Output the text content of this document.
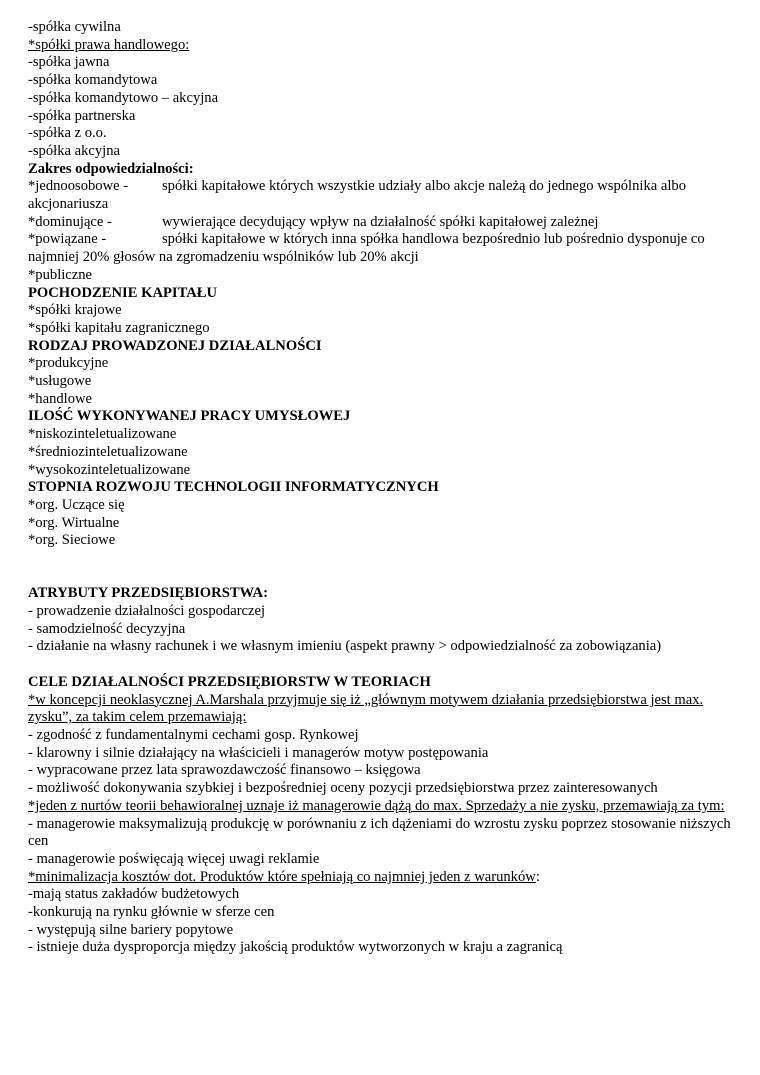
-spółka cywilna
*spółki prawa handlowego:
-spółka jawna
-spółka komandytowa
-spółka komandytowo – akcyjna
-spółka partnerska
-spółka z o.o.
-spółka akcyjna
Zakres odpowiedzialności:
*jednoosobowe - spółki kapitałowe których wszystkie udziały albo akcje należą do jednego wspólnika albo
akcjonariusza
*dominujące -	wywierające decydujący wpływ na działalność spółki kapitałowej zależnej
*powiązane -	spółki kapitałowe w których inna spółka handlowa bezpośrednio lub pośrednio dysponuje co
najmniej 20% głosów na zgromadzeniu wspólników lub 20% akcji
*publiczne
POCHODZENIE KAPITAŁU
*spółki krajowe
*spółki kapitału zagranicznego
RODZAJ PROWADZONEJ DZIAŁALNOŚCI
*produkcyjne
*usługowe
*handlowe
ILOŚĆ WYKONYWANEJ PRACY UMYSŁOWEJ
*niskozinteletualizowane
*średniozinteletualizowane
*wysokozinteletualizowane
STOPNIA ROZWOJU TECHNOLOGII INFORMATYCZNYCH
*org. Uczące się
*org. Wirtualne
*org. Sieciowe
ATRYBUTY PRZEDSIĘBIORSTWA:
- prowadzenie działalności gospodarczej
- samodzielność decyzyjna
- działanie na własny rachunek i we własnym imieniu (aspekt prawny > odpowiedzialność za zobowiązania)
CELE DZIAŁALNOŚCI PRZEDSIĘBIORSTW W TEORIACH
*w koncepcji neoklasycznej A.Marshala przyjmuje się iż „głównym motywem działania przedsiębiorstwa jest max. zysku”, za takim celem przemawiają:
- zgodność z fundamentalnymi cechami gosp. Rynkowej
- klarowny i silnie działający na właścicieli i managerów motyw postępowania
- wypracowane przez lata sprawozdawczość finansowo – księgowa
- możliwość dokonywania szybkiej i bezpośredniej oceny pozycji przedsiębiorstwa przez zainteresowanych
*jeden z nurtów teorii behawioralnej uznaje iż managerowie dążą do max. Sprzedaży a nie zysku, przemawiają za tym:
- managerowie maksymalizują produkcję w porównaniu z ich dążeniami do wzrostu zysku poprzez stosowanie niższych cen
- managerowie poświęcają więcej uwagi reklamie
*minimalizacja kosztów dot. Produktów które spełniają co najmniej jeden z warunków:
-mają status zakładów budżetowych
-konkurują na rynku głównie w sferze cen
- występują silne bariery popytowe
- istnieje duża dysproporcja między jakością produktów wytworzonych w kraju a zagranicą
